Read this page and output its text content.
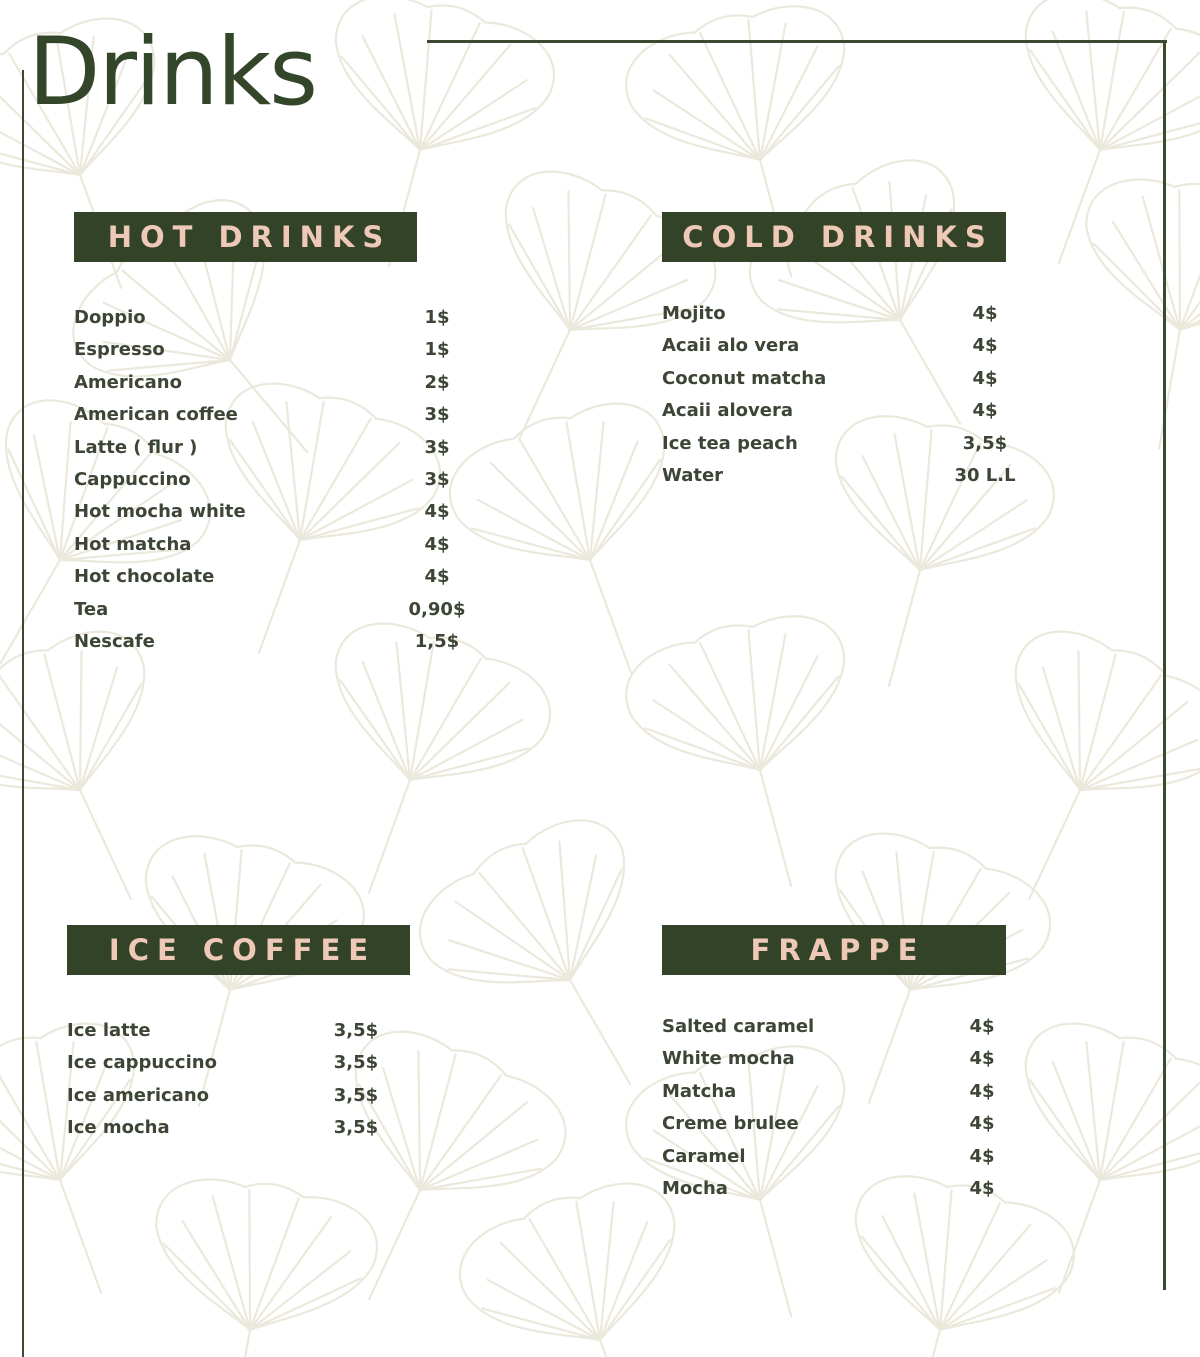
Drinks
HOT DRINKS
Doppio	1$
Espresso	1$
Americano	2$
American coffee	3$
Latte ( flur )	3$
Cappuccino	3$
Hot mocha white	4$
Hot matcha	4$
Hot chocolate	4$
Tea	0,90$
Nescafe	1,5$
COLD DRINKS
Mojito	4$
Acaii alo vera	4$
Coconut matcha	4$
Acaii alovera	4$
Ice tea peach	3,5$
Water	30 L.L
ICE COFFEE
Ice latte	3,5$
Ice cappuccino	3,5$
Ice americano	3,5$
Ice mocha	3,5$
FRAPPE
Salted caramel	4$
White mocha	4$
Matcha	4$
Creme brulee	4$
Caramel	4$
Mocha	4$
